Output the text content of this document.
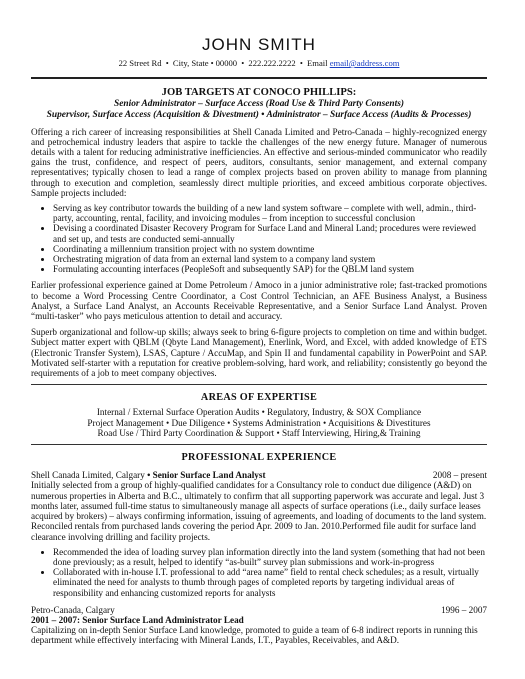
JOHN SMITH
22 Street Rd • City, State • 00000 • 222.222.2222 • Email email@address.com
JOB TARGETS AT CONOCO PHILLIPS:
Senior Administrator – Surface Access (Road Use & Third Party Consents)
Supervisor, Surface Access (Acquisition & Divestment) • Administrator – Surface Access (Audits & Processes)

Offering a rich career of increasing responsibilities at Shell Canada Limited and Petro-Canada – highly-recognized energy and petrochemical industry leaders that aspire to tackle the challenges of the new energy future. Manager of numerous details with a talent for reducing administrative inefficiencies. An effective and serious-minded communicator who readily gains the trust, confidence, and respect of peers, auditors, consultants, senior management, and external company representatives; typically chosen to lead a range of complex projects based on proven ability to manage from planning through to execution and completion, seamlessly direct multiple priorities, and exceed ambitious corporate objectives. Sample projects included:

• Serving as key contributor towards the building of a new land system software – complete with well, admin., third-party, accounting, rental, facility, and invoicing modules – from inception to successful conclusion
• Devising a coordinated Disaster Recovery Program for Surface Land and Mineral Land; procedures were reviewed and set up, and tests are conducted semi-annually
• Coordinating a millennium transition project with no system downtime
• Orchestrating migration of data from an external land system to a company land system
• Formulating accounting interfaces (PeopleSoft and subsequently SAP) for the QBLM land system

Earlier professional experience gained at Dome Petroleum / Amoco in a junior administrative role; fast-tracked promotions to become a Word Processing Centre Coordinator, a Cost Control Technician, an AFE Business Analyst, a Business Analyst, a Surface Land Analyst, an Accounts Receivable Representative, and a Senior Surface Land Analyst. Proven “multi-tasker” who pays meticulous attention to detail and accuracy.

Superb organizational and follow-up skills; always seek to bring 6-figure projects to completion on time and within budget. Subject matter expert with QBLM (Qbyte Land Management), Enerlink, Word, and Excel, with added knowledge of ETS (Electronic Transfer System), LSAS, Capture / AccuMap, and Spin II and fundamental capability in PowerPoint and SAP. Motivated self-starter with a reputation for creative problem-solving, hard work, and reliability; consistently go beyond the requirements of a job to meet company objectives.

AREAS OF EXPERTISE
Internal / External Surface Operation Audits • Regulatory, Industry, & SOX Compliance
Project Management • Due Diligence • Systems Administration • Acquisitions & Divestitures
Road Use / Third Party Coordination & Support • Staff Interviewing, Hiring,& Training
PROFESSIONAL EXPERIENCE
Shell Canada Limited, Calgary • Senior Surface Land Analyst	2008 – present

Initially selected from a group of highly-qualified candidates for a Consultancy role to conduct due diligence (A&D) on numerous properties in Alberta and B.C., ultimately to confirm that all supporting paperwork was accurate and legal. Just 3 months later, assumed full-time status to simultaneously manage all aspects of surface operations (i.e., daily surface leases acquired by brokers) – always confirming information, issuing of agreements, and loading of documents to the land system. Reconciled rentals from purchased lands covering the period Apr. 2009 to Jan. 2010.Performed file audit for surface land clearance involving drilling and facility projects.

• Recommended the idea of loading survey plan information directly into the land system (something that had not been done previously; as a result, helped to identify “as-built” survey plan submissions and work-in-progress
• Collaborated with in-house I.T. professional to add “area name” field to rental check schedules; as a result, virtually eliminated the need for analysts to thumb through pages of completed reports by targeting individual areas of responsibility and enhancing customized reports for analysts
Petro-Canada, Calgary	1996 – 2007
2001 – 2007: Senior Surface Land Administrator Lead

Capitalizing on in-depth Senior Surface Land knowledge, promoted to guide a team of 6-8 indirect reports in running this department while effectively interfacing with Mineral Lands, I.T., Payables, Receivables, and A&D.
